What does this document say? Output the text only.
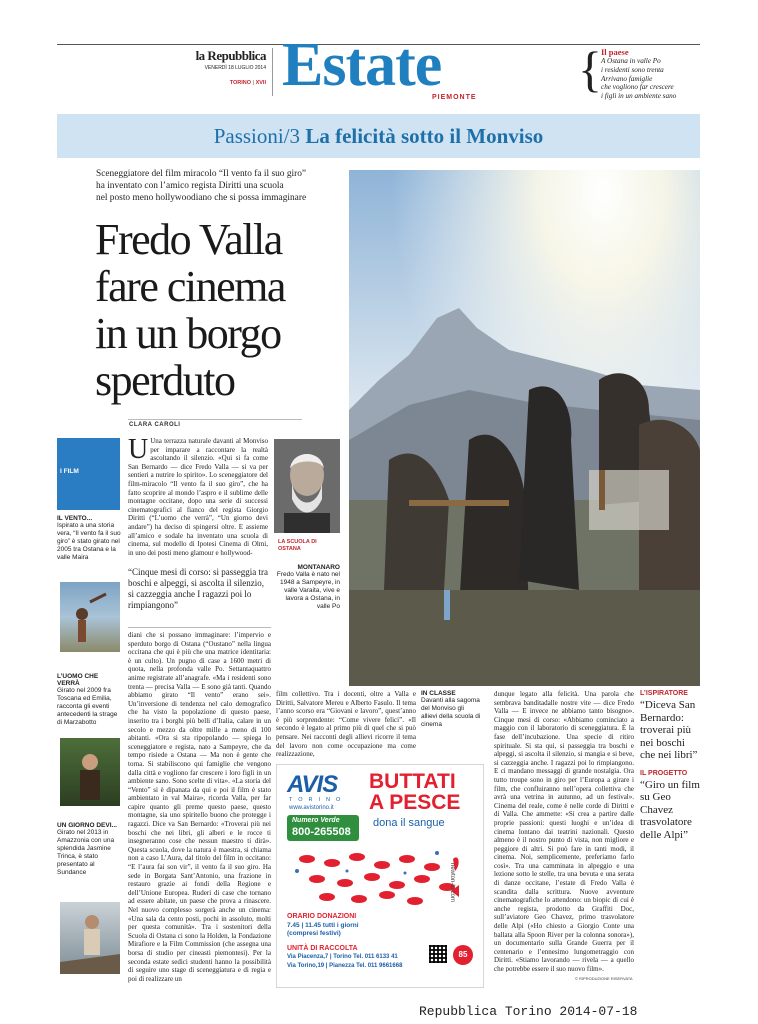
la Repubblica
VENERDÌ 18 LUGLIO 2014
TORINO | XVII Estate
PIEMONTE
{ Il paese
A Ostana in valle Po
i residenti sono trenta
Arrivano famiglie
che vogliono far crescere
i figli in un ambiente sano
Passioni/3 La felicità sotto il Monviso
Sceneggiatore del film miracolo “Il vento fa il suo giro”
ha inventato con l’amico regista Diritti una scuola
nel posto meno hollywoodiano che si possa immaginare
Fredo Valla
fare cinema
in un borgo
sperduto
CLARA CAROLI
I FILM
IL VENTO...
Ispirato a una storia vera, “Il vento fa il suo giro” è stato girato nel 2005 tra Ostana e la valle Maira
L’UOMO CHE VERRÀ
Girato nel 2009 fra Toscana ed Emilia, racconta gli eventi antecedenti la strage di Marzabotto
UN GIORNO DEVI...
Girato nel 2013 in Amazzonia con una splendida Jasmine Trinca, è stato presentato al Sundance
U Una terrazza naturale davanti al Monviso per imparare a raccontare la realtà ascoltando il silenzio. «Qui si fa come San Bernardo — dice Fredo Valla — si va per sentieri a nutrire lo spirito». Lo sceneggiatore del film-miracolo “Il vento fa il suo giro”, che ha fatto scoprire al mondo l’aspro e il sublime delle montagne occitane, dopo una serie di successi cinematografici al fianco del regista Giorgio Diritti (“L’uomo che verrà”, “Un giorno devi andare”) ha deciso di spingersi oltre. E assieme all’amico e sodale ha inventato una scuola di cinema, sul modello di Ipotesi Cinema di Olmi, in uno dei posti meno glamour e hollywood-
LA SCUOLA DI OSTANA
MONTANARO
Fredo Valla è nato nel 1948 a Sampeyre, in valle Varaita, vive e lavora a Ostana, in valle Po
“Cinque mesi di corso: si passeggia tra boschi e alpeggi, si ascolta il silenzio, si cazzeggia anche I ragazzi poi lo rimpiangono”
diani che si possano immaginare: l’impervio e sperduto borgo di Ostana (“Oustano” nella lingua occitana che qui è più che una matrice identitaria: è un culto). Un pugno di case a 1600 metri di quota, nella profonda valle Po. Settantaquattro anime registrate all’anagrafe. «Ma i residenti sono trenta — precisa Valla — E sono già tanti. Quando abbiamo girato “Il vento” erano sei». Un’inversione di tendenza nel calo demografico che ha visto la popolazione di questo paese, inserito tra i borghi più belli d’Italia, calare in un secolo e mezzo da oltre mille a meno di 100 abitanti. «Ora si sta ripopolando — spiega lo sceneggiatore e regista, nato a Sampeyre, che da tempo risiede a Ostana — Ma non è gente che torna. Si stabiliscono qui famiglie che vengono dalla città e vogliono far crescere i loro figli in un ambiente sano. Sono scelte di vita». «La storia del “Vento” si è dipanata da qui e poi il film è stato ambientato in val Maira», ricorda Valla, per far capire quanto gli preme questo paese, questo montagne, sia uno spiritello buono che protegge i ragazzi. Dice va San Bernardo: «Troverai più nei boschi che nei libri, gli alberi e le rocce ti insegneranno cose che nessun maestro ti dirà». Questa scuola, dove la natura è maestra, si chiama non a caso L’Aura, dal titolo del film in occitano: “E l’aura fai son vir”, il vento fa il suo giro. Ha sede in Borgata Sant’Antonio, una frazione in restauro grazie ai fondi della Regione e dell’Unione Europea. Ruderi di case che tornano ad essere abitate, un paese che prova a rinascere. Nel nuovo complesso sorgerà anche un cinema: «Una sala da cento posti, pochi in assoluto, molti per questa comunità». Tra i sostenitori della Scuola di Ostana ci sono la Holden, la Fondazione Mirafiore e la Film Commission (che assegna una borsa di studio per cineasti piemontesi). Per la seconda estate sedici studenti hanno la possibilità di seguire uno stage di sceneggiatura e di regia e poi di realizzare un
film collettivo. Tra i docenti, oltre a Valla e Diritti, Salvatore Mereu e Alberto Fasulo. Il tema l’anno scorso era “Giovani e lavoro”, quest’anno è più sorprendente: “Come vivere felici”. «Il secondo è legato al primo più di quel che si può pensare. Nei racconti degli allievi ricorre il tema del lavoro non come occupazione ma come realizzazione,
IN CLASSE
Davanti alla sagoma del Monviso gli allievi della scuola di cinema
dunque legato alla felicità. Una parola che sembrava banditadalle nostre vite — dice Fredo Valla — E invece ne abbiamo tanto bisogno». Cinque mesi di corso: «Abbiamo cominciato a maggio con il laboratorio di sceneggiatura. È la fase dell’incubazione. Una specie di ritiro spirituale. Si sta qui, si passeggia tra boschi e alpeggi, si ascolta il silenzio, si mangia e si beve, si cazzeggia anche. I ragazzi poi lo rimpiangono. E ci mandano messaggi di grande nostalgia. Ora tutto troupe sono in giro per l’Europa a girare i film, che confluiranno nell’opera collettiva che avrà una vetrina in autunno, ad un festival». Cinema del reale, come è nelle corde di Diritti e di Valla. Che ammette: «Si crea a partire dalle proprie passioni: questi luoghi e un’idea di cinema lontano dai teatrini nazionali. Questo almeno è il nostro punto di vista, non migliore e peggiore di altri. Si può fare in tanti modi, il cinema. Noi, semplicemente, preferiamo farlo così». Tra una camminata in alpeggio e una lezione sotto le stelle, tra una bevuta e una serata di danze occitane, l’estate di Fredo Valla è scandita dalla scrittura. Nuove avventure cinematografiche lo attendono: un biopic di cui è anche regista, prodotto da Graffiti Doc, sull’aviatore Geo Chavez, primo trasvolatore delle Alpi («Ho chiesto a Giorgio Conte una ballata alla Spoon River per la colonna sonora»), un documentario sulla Grande Guerra per il centenario e l’ennesimo lungometraggio con Diritti. «Stiamo lavorando — rivela — a quello che potrebbe essere il suo nuovo film».
© RIPRODUZIONE RISERVATA
L’ISPIRATORE
“Diceva San Bernardo: troverai più nei boschi che nei libri”
IL PROGETTO
“Giro un film su Geo Chavez trasvolatore delle Alpi”
AVIS
TORINO
www.avistorino.it
Numero Verde
800-265508
BUTTATI
A PESCE
dona il sangue
ORARIO DONAZIONI
7.45 | 11.45 tutti i giorni
(compresi festivi)
UNITÀ DI RACCOLTA
Via Piacenza,7 | Torino Tel. 011 6133 41
Via Torino,19 | Pianezza Tel. 011 9661668
newton-lo.com
85
Repubblica Torino 2014-07-18
